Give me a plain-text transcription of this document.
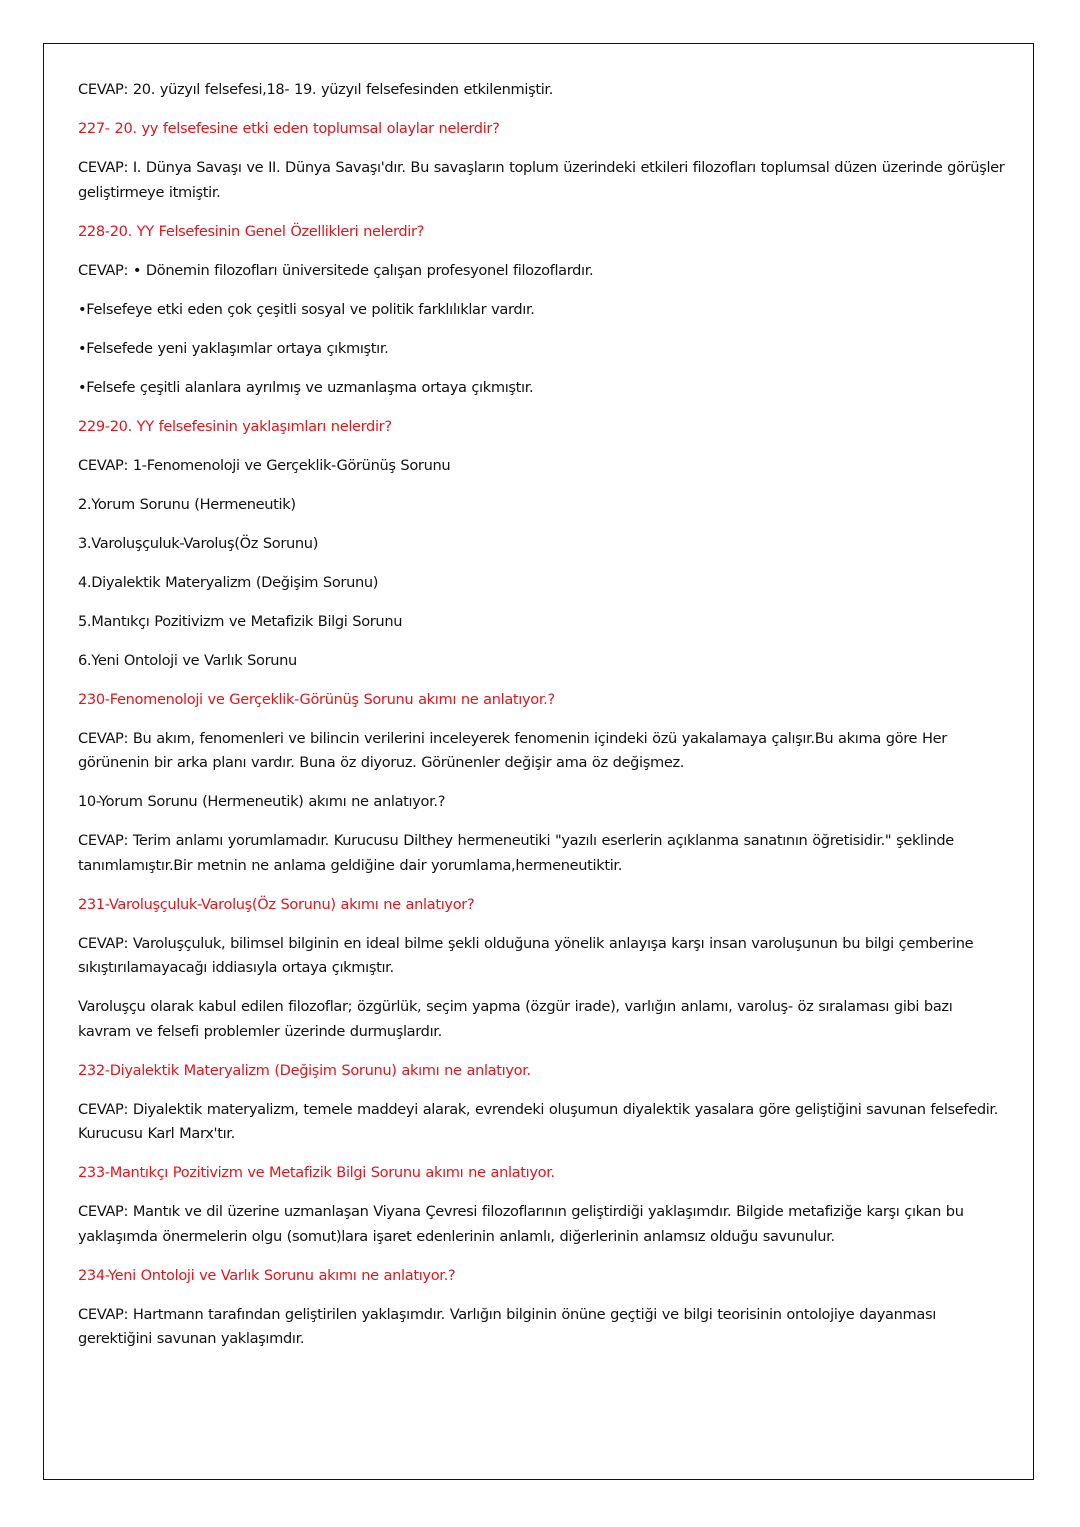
CEVAP: 20. yüzyıl felsefesi,18- 19. yüzyıl felsefesinden etkilenmiştir.

227- 20. yy felsefesine etki eden toplumsal olaylar nelerdir?

CEVAP: I. Dünya Savaşı ve II. Dünya Savaşı'dır. Bu savaşların toplum üzerindeki etkileri filozofları toplumsal düzen üzerinde görüşler geliştirmeye itmiştir.

228-20. YY Felsefesinin Genel Özellikleri nelerdir?

CEVAP: • Dönemin filozofları üniversitede çalışan profesyonel filozoflardır.

•Felsefeye etki eden çok çeşitli sosyal ve politik farklılıklar vardır.

•Felsefede yeni yaklaşımlar ortaya çıkmıştır.

•Felsefe çeşitli alanlara ayrılmış ve uzmanlaşma ortaya çıkmıştır.

229-20. YY felsefesinin yaklaşımları nelerdir?

CEVAP: 1-Fenomenoloji ve Gerçeklik-Görünüş Sorunu

2.Yorum Sorunu (Hermeneutik)

3.Varoluşçuluk-Varoluş(Öz Sorunu)

4.Diyalektik Materyalizm (Değişim Sorunu)

5.Mantıkçı Pozitivizm ve Metafizik Bilgi Sorunu

6.Yeni Ontoloji ve Varlık Sorunu

230-Fenomenoloji ve Gerçeklik-Görünüş Sorunu akımı ne anlatıyor.?

CEVAP: Bu akım, fenomenleri ve bilincin verilerini inceleyerek fenomenin içindeki özü yakalamaya çalışır.Bu akıma göre Her görünenin bir arka planı vardır. Buna öz diyoruz. Görünenler değişir ama öz değişmez.

10-Yorum Sorunu (Hermeneutik) akımı ne anlatıyor.?

CEVAP: Terim anlamı yorumlamadır. Kurucusu Dilthey hermeneutiki "yazılı eserlerin açıklanma sanatının öğretisidir." şeklinde tanımlamıştır.Bir metnin ne anlama geldiğine dair yorumlama,hermeneutiktir.

231-Varoluşçuluk-Varoluş(Öz Sorunu) akımı ne anlatıyor?

CEVAP: Varoluşçuluk, bilimsel bilginin en ideal bilme şekli olduğuna yönelik anlayışa karşı insan varoluşunun bu bilgi çemberine sıkıştırılamayacağı iddiasıyla ortaya çıkmıştır.

Varoluşçu olarak kabul edilen filozoflar; özgürlük, seçim yapma (özgür irade), varlığın anlamı, varoluş- öz sıralaması gibi bazı kavram ve felsefi problemler üzerinde durmuşlardır.

232-Diyalektik Materyalizm (Değişim Sorunu) akımı ne anlatıyor.

CEVAP: Diyalektik materyalizm, temele maddeyi alarak, evrendeki oluşumun diyalektik yasalara göre geliştiğini savunan felsefedir. Kurucusu Karl Marx'tır.

233-Mantıkçı Pozitivizm ve Metafizik Bilgi Sorunu akımı ne anlatıyor.

CEVAP: Mantık ve dil üzerine uzmanlaşan Viyana Çevresi filozoflarının geliştirdiği yaklaşımdır. Bilgide metafiziğe karşı çıkan bu yaklaşımda önermelerin olgu (somut)lara işaret edenlerinin anlamlı, diğerlerinin anlamsız olduğu savunulur.

234-Yeni Ontoloji ve Varlık Sorunu akımı ne anlatıyor.?

CEVAP: Hartmann tarafından geliştirilen yaklaşımdır. Varlığın bilginin önüne geçtiği ve bilgi teorisinin ontolojiye dayanması gerektiğini savunan yaklaşımdır.
